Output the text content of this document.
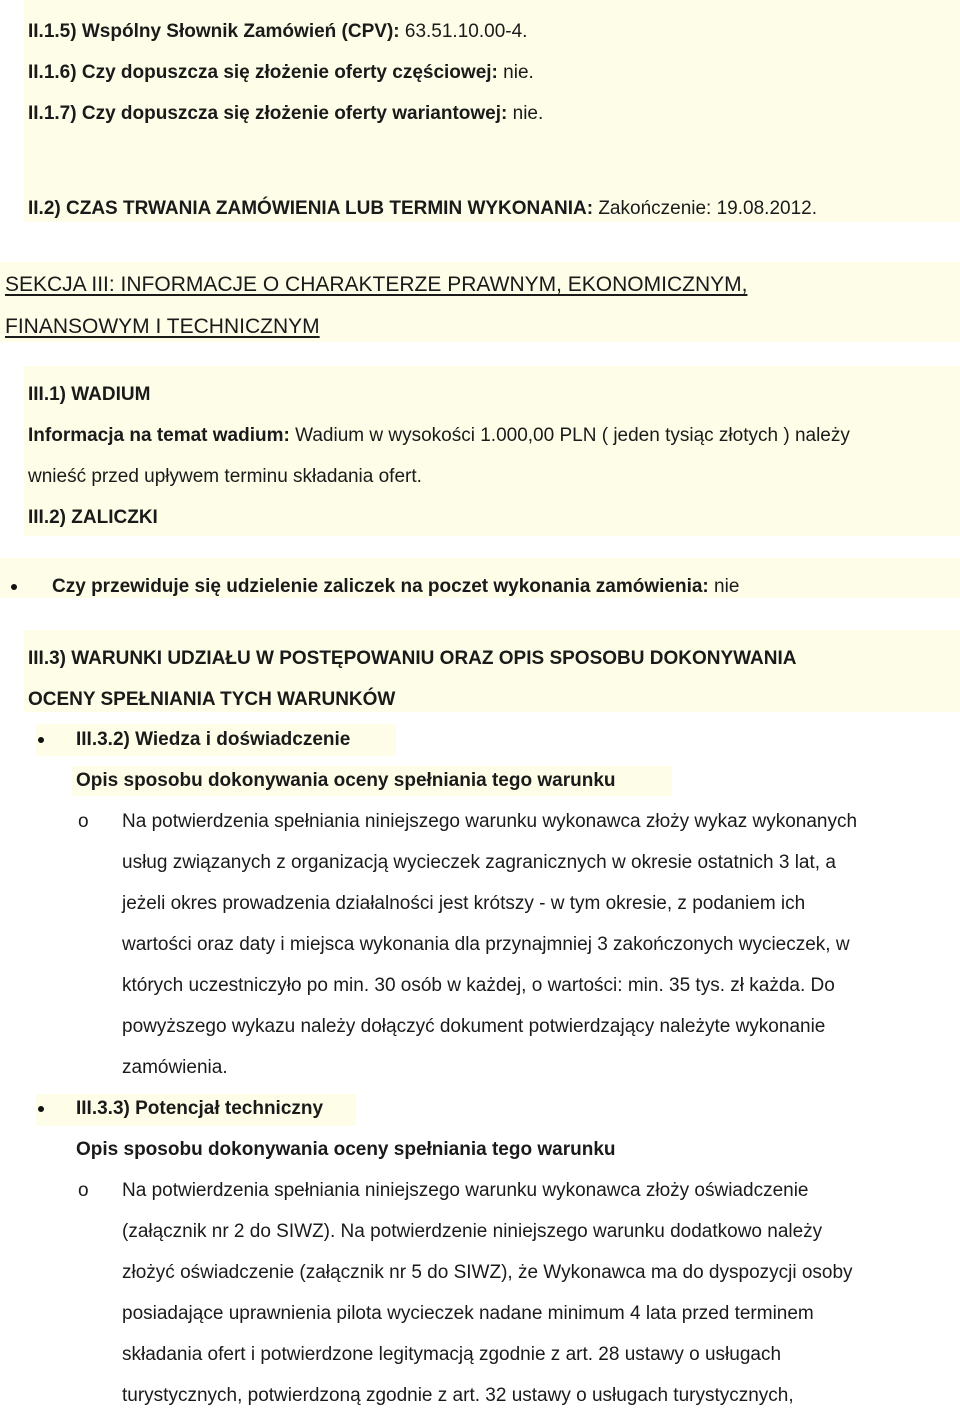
II.1.5) Wspólny Słownik Zamówień (CPV): 63.51.10.00-4.
II.1.6) Czy dopuszcza się złożenie oferty częściowej: nie.
II.1.7) Czy dopuszcza się złożenie oferty wariantowej: nie.
II.2) CZAS TRWANIA ZAMÓWIENIA LUB TERMIN WYKONANIA: Zakończenie: 19.08.2012.
SEKCJA III: INFORMACJE O CHARAKTERZE PRAWNYM, EKONOMICZNYM,
FINANSOWYM I TECHNICZNYM
III.1) WADIUM
Informacja na temat wadium: Wadium w wysokości 1.000,00 PLN ( jeden tysiąc złotych ) należy
wnieść przed upływem terminu składania ofert.
III.2) ZALICZKI
Czy przewiduje się udzielenie zaliczek na poczet wykonania zamówienia: nie
III.3) WARUNKI UDZIAŁU W POSTĘPOWANIU ORAZ OPIS SPOSOBU DOKONYWANIA
OCENY SPEŁNIANIA TYCH WARUNKÓW
III.3.2) Wiedza i doświadczenie
Opis sposobu dokonywania oceny spełniania tego warunku
o Na potwierdzenia spełniania niniejszego warunku wykonawca złoży wykaz wykonanych
usług związanych z organizacją wycieczek zagranicznych w okresie ostatnich 3 lat, a
jeżeli okres prowadzenia działalności jest krótszy - w tym okresie, z podaniem ich
wartości oraz daty i miejsca wykonania dla przynajmniej 3 zakończonych wycieczek, w
których uczestniczyło po min. 30 osób w każdej, o wartości: min. 35 tys. zł każda. Do
powyższego wykazu należy dołączyć dokument potwierdzający należyte wykonanie
zamówienia.
III.3.3) Potencjał techniczny
Opis sposobu dokonywania oceny spełniania tego warunku
o Na potwierdzenia spełniania niniejszego warunku wykonawca złoży oświadczenie
(załącznik nr 2 do SIWZ). Na potwierdzenie niniejszego warunku dodatkowo należy
złożyć oświadczenie (załącznik nr 5 do SIWZ), że Wykonawca ma do dyspozycji osoby
posiadające uprawnienia pilota wycieczek nadane minimum 4 lata przed terminem
składania ofert i potwierdzone legitymacją zgodnie z art. 28 ustawy o usługach
turystycznych, potwierdzoną zgodnie z art. 32 ustawy o usługach turystycznych,
